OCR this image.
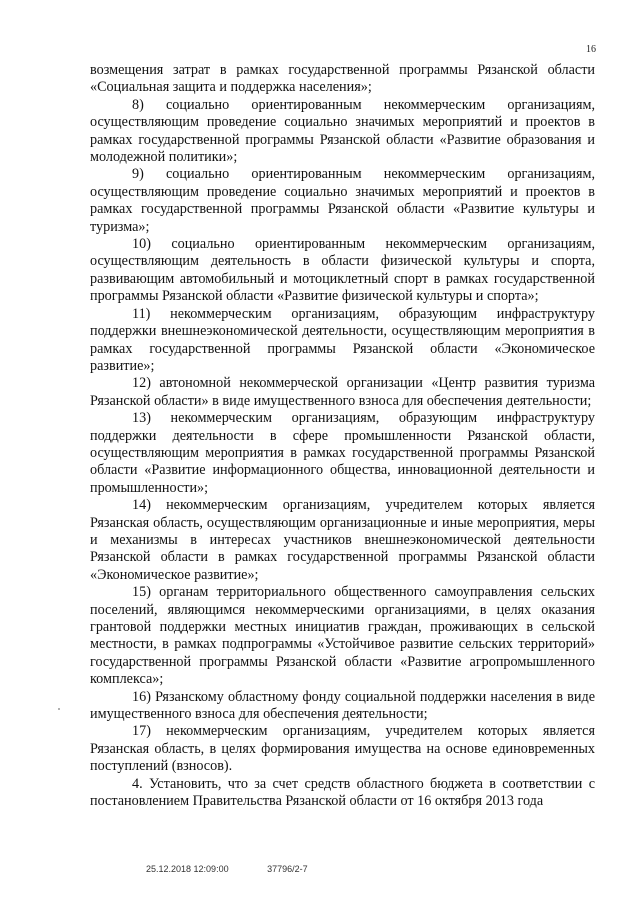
16

возмещения затрат в рамках государственной программы Рязанской области «Социальная защита и поддержка населения»;

8) социально ориентированным некоммерческим организациям, осуществляющим проведение социально значимых мероприятий и проектов в рамках государственной программы Рязанской области «Развитие образования и молодежной политики»;

9) социально ориентированным некоммерческим организациям, осуществляющим проведение социально значимых мероприятий и проектов в рамках государственной программы Рязанской области «Развитие культуры и туризма»;

10) социально ориентированным некоммерческим организациям, осуществляющим деятельность в области физической культуры и спорта, развивающим автомобильный и мотоциклетный спорт в рамках государственной программы Рязанской области «Развитие физической культуры и спорта»;

11) некоммерческим организациям, образующим инфраструктуру поддержки внешнеэкономической деятельности, осуществляющим мероприятия в рамках государственной программы Рязанской области «Экономическое развитие»;

12) автономной некоммерческой организации «Центр развития туризма Рязанской области» в виде имущественного взноса для обеспечения деятельности;

13) некоммерческим организациям, образующим инфраструктуру поддержки деятельности в сфере промышленности Рязанской области, осуществляющим мероприятия в рамках государственной программы Рязанской области «Развитие информационного общества, инновационной деятельности и промышленности»;

14) некоммерческим организациям, учредителем которых является Рязанская область, осуществляющим организационные и иные мероприятия, меры и механизмы в интересах участников внешнеэкономической деятельности Рязанской области в рамках государственной программы Рязанской области «Экономическое развитие»;

15) органам территориального общественного самоуправления сельских поселений, являющимся некоммерческими организациями, в целях оказания грантовой поддержки местных инициатив граждан, проживающих в сельской местности, в рамках подпрограммы «Устойчивое развитие сельских территорий» государственной программы Рязанской области «Развитие агропромышленного комплекса»;

16) Рязанскому областному фонду социальной поддержки населения в виде имущественного взноса для обеспечения деятельности;

17) некоммерческим организациям, учредителем которых является Рязанская область, в целях формирования имущества на основе единовременных поступлений (взносов).

4. Установить, что за счет средств областного бюджета в соответствии с постановлением Правительства Рязанской области от 16 октября 2013 года

25.12.2018 12:09:00	37796/2-7
